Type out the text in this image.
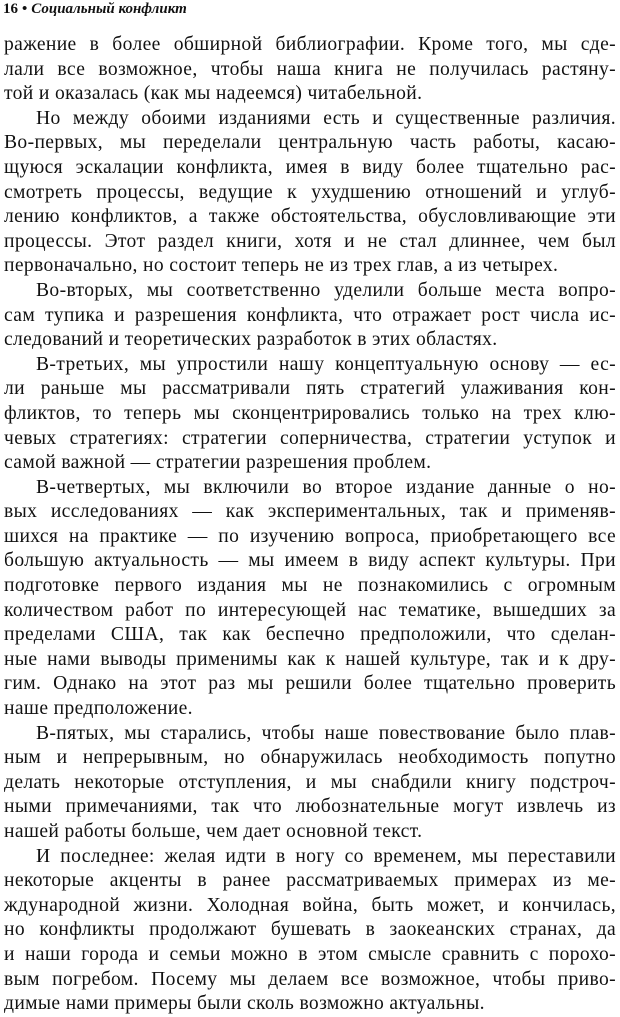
16 • Социальный конфликт
ражение в более обширной библиографии. Кроме того, мы сде-
лали все возможное, чтобы наша книга не получилась растяну-
той и оказалась (как мы надеемся) читабельной.
Но между обоими изданиями есть и существенные различия.
Во-первых, мы переделали центральную часть работы, касаю-
щуюся эскалации конфликта, имея в виду более тщательно рас-
смотреть процессы, ведущие к ухудшению отношений и углуб-
лению конфликтов, а также обстоятельства, обусловливающие эти
процессы. Этот раздел книги, хотя и не стал длиннее, чем был
первоначально, но состоит теперь не из трех глав, а из четырех.
Во-вторых, мы соответственно уделили больше места вопро-
сам тупика и разрешения конфликта, что отражает рост числа ис-
следований и теоретических разработок в этих областях.
В-третьих, мы упростили нашу концептуальную основу — ес-
ли раньше мы рассматривали пять стратегий улаживания кон-
фликтов, то теперь мы сконцентрировались только на трех клю-
чевых стратегиях: стратегии соперничества, стратегии уступок и
самой важной — стратегии разрешения проблем.
В-четвертых, мы включили во второе издание данные о но-
вых исследованиях — как экспериментальных, так и применяв-
шихся на практике — по изучению вопроса, приобретающего все
большую актуальность — мы имеем в виду аспект культуры. При
подготовке первого издания мы не познакомились с огромным
количеством работ по интересующей нас тематике, вышедших за
пределами США, так как беспечно предположили, что сделан-
ные нами выводы применимы как к нашей культуре, так и к дру-
гим. Однако на этот раз мы решили более тщательно проверить
наше предположение.
В-пятых, мы старались, чтобы наше повествование было плав-
ным и непрерывным, но обнаружилась необходимость попутно
делать некоторые отступления, и мы снабдили книгу подстроч-
ными примечаниями, так что любознательные могут извлечь из
нашей работы больше, чем дает основной текст.
И последнее: желая идти в ногу со временем, мы переставили
некоторые акценты в ранее рассматриваемых примерах из ме-
ждународной жизни. Холодная война, быть может, и кончилась,
но конфликты продолжают бушевать в заокеанских странах, да
и наши города и семьи можно в этом смысле сравнить с порохо-
вым погребом. Посему мы делаем все возможное, чтобы приво-
димые нами примеры были сколь возможно актуальны.
